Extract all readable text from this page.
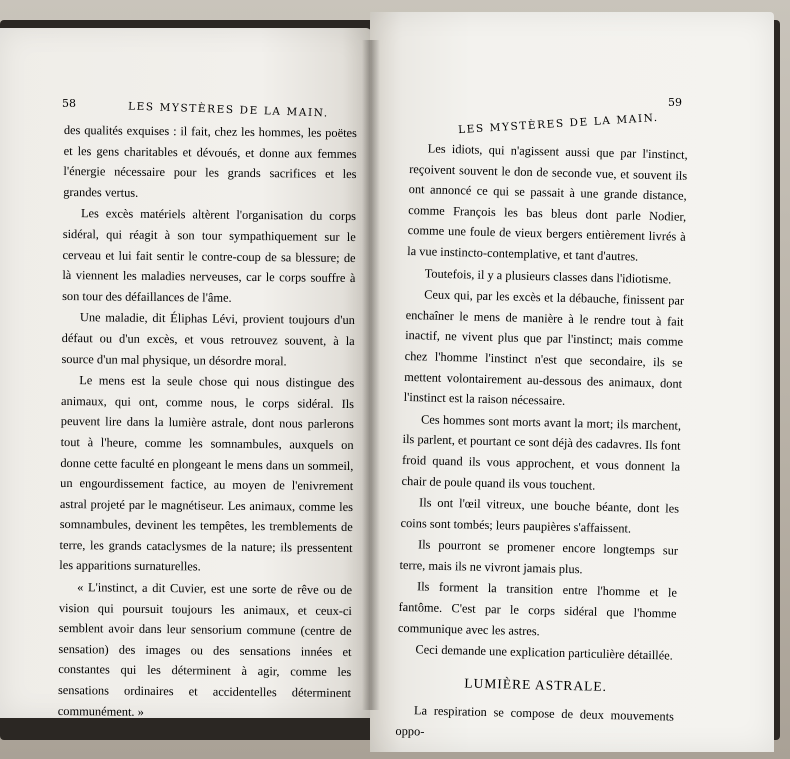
58	LES MYSTÈRES DE LA MAIN.

des qualités exquises : il fait, chez les hommes, les poëtes et les gens charitables et dévoués, et donne aux femmes l'énergie nécessaire pour les grands sacrifices et les grandes vertus.

Les excès matériels altèrent l'organisation du corps sidéral, qui réagit à son tour sympathiquement sur le cerveau et lui fait sentir le contre-coup de sa blessure; de là viennent les maladies nerveuses, car le corps souffre à son tour des défaillances de l'âme.

Une maladie, dit Éliphas Lévi, provient toujours d'un défaut ou d'un excès, et vous retrouvez souvent, à la source d'un mal physique, un désordre moral.

Le mens est la seule chose qui nous distingue des animaux, qui ont, comme nous, le corps sidéral. Ils peuvent lire dans la lumière astrale, dont nous parlerons tout à l'heure, comme les somnambules, auxquels on donne cette faculté en plongeant le mens dans un sommeil, un engourdissement factice, au moyen de l'enivrement astral projeté par le magnétiseur. Les animaux, comme les somnambules, devinent les tempêtes, les tremblements de terre, les grands cataclysmes de la nature; ils pressentent les apparitions surnaturelles.

« L'instinct, a dit Cuvier, est une sorte de rêve ou de vision qui poursuit toujours les animaux, et ceux-ci semblent avoir dans leur sensorium commune (centre de sensation) des images ou des sensations innées et constantes qui les déterminent à agir, comme les sensations ordinaires et accidentelles déterminent communément. »

LES MYSTÈRES DE LA MAIN.
59

Les idiots, qui n'agissent aussi que par l'instinct, reçoivent souvent le don de seconde vue, et souvent ils ont annoncé ce qui se passait à une grande distance, comme François les bas bleus dont parle Nodier, comme une foule de vieux bergers entièrement livrés à la vue instincto-contemplative, et tant d'autres.

Toutefois, il y a plusieurs classes dans l'idiotisme.

Ceux qui, par les excès et la débauche, finissent par enchaîner le mens de manière à le rendre tout à fait inactif, ne vivent plus que par l'instinct; mais comme chez l'homme l'instinct n'est que secondaire, ils se mettent volontairement au-dessous des animaux, dont l'instinct est la raison nécessaire.

Ces hommes sont morts avant la mort; ils marchent, ils parlent, et pourtant ce sont déjà des cadavres. Ils font froid quand ils vous approchent, et vous donnent la chair de poule quand ils vous touchent.

Ils ont l'œil vitreux, une bouche béante, dont les coins sont tombés; leurs paupières s'affaissent.

Ils pourront se promener encore longtemps sur terre, mais ils ne vivront jamais plus.

Ils forment la transition entre l'homme et le fantôme. C'est par le corps sidéral que l'homme communique avec les astres.

Ceci demande une explication particulière détaillée.

LUMIÈRE ASTRALE.

La respiration se compose de deux mouvements oppo-
